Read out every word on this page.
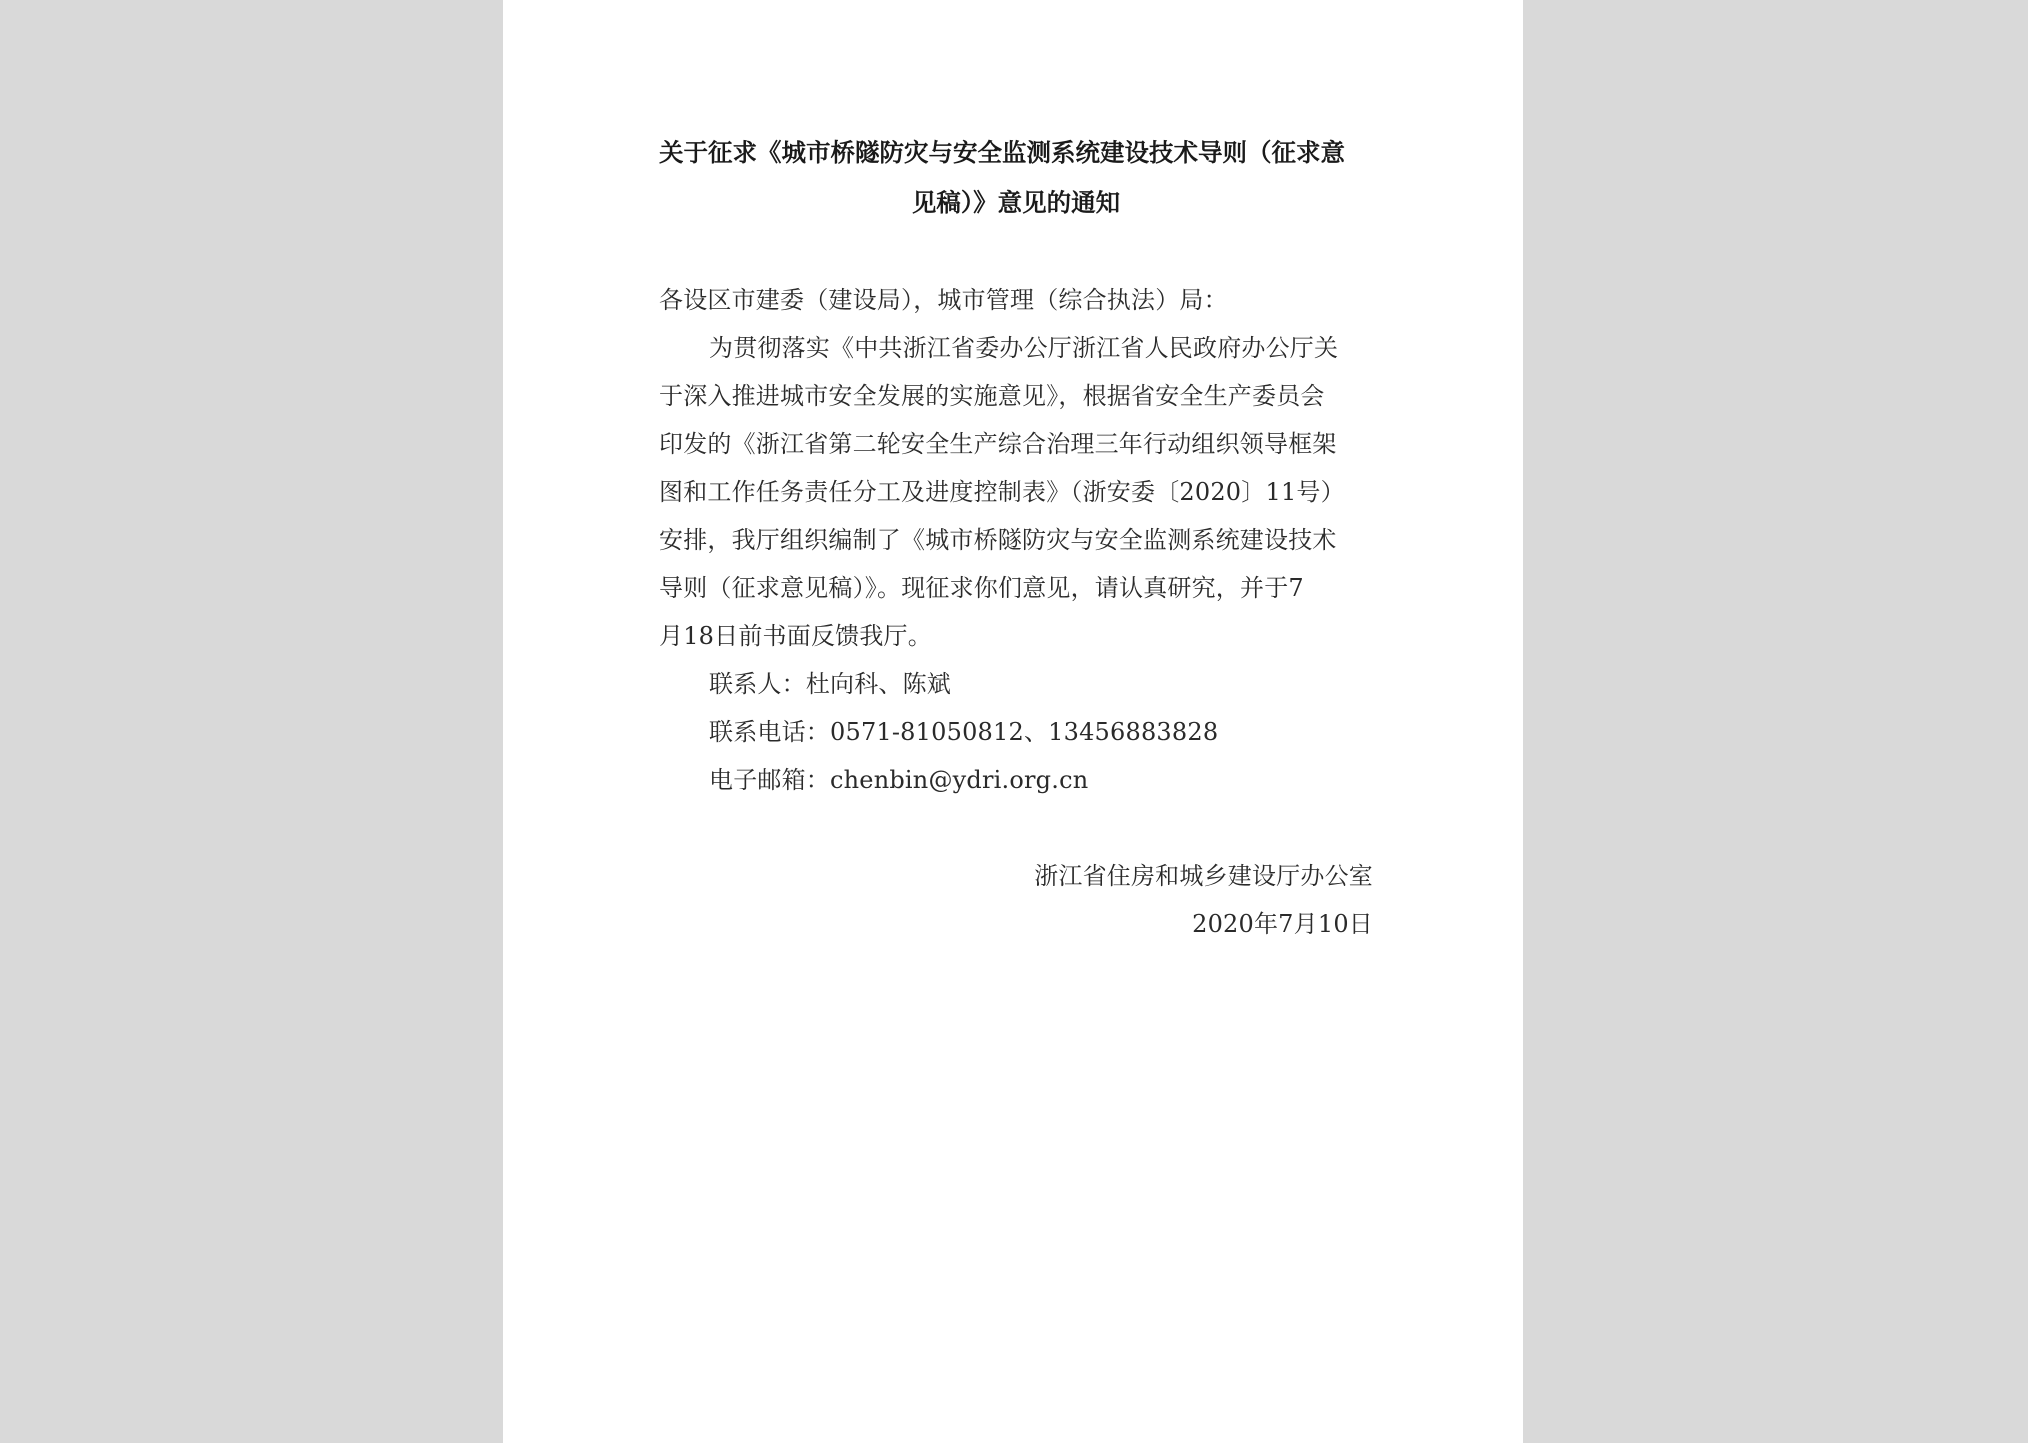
关于征求《城市桥隧防灾与安全监测系统建设技术导则（征求意
见稿）》意见的通知
各设区市建委（建设局），城市管理（综合执法）局：
为贯彻落实《中共浙江省委办公厅浙江省人民政府办公厅关
于深入推进城市安全发展的实施意见》，根据省安全生产委员会
印发的《浙江省第二轮安全生产综合治理三年行动组织领导框架
图和工作任务责任分工及进度控制表》（浙安委〔2020〕11号）
安排，我厅组织编制了《城市桥隧防灾与安全监测系统建设技术
导则（征求意见稿）》。现征求你们意见，请认真研究，并于7
月18日前书面反馈我厅。
联系人：杜向科、陈斌
联系电话：0571-81050812、13456883828
电子邮箱：chenbin@ydri.org.cn
浙江省住房和城乡建设厅办公室
2020年7月10日
